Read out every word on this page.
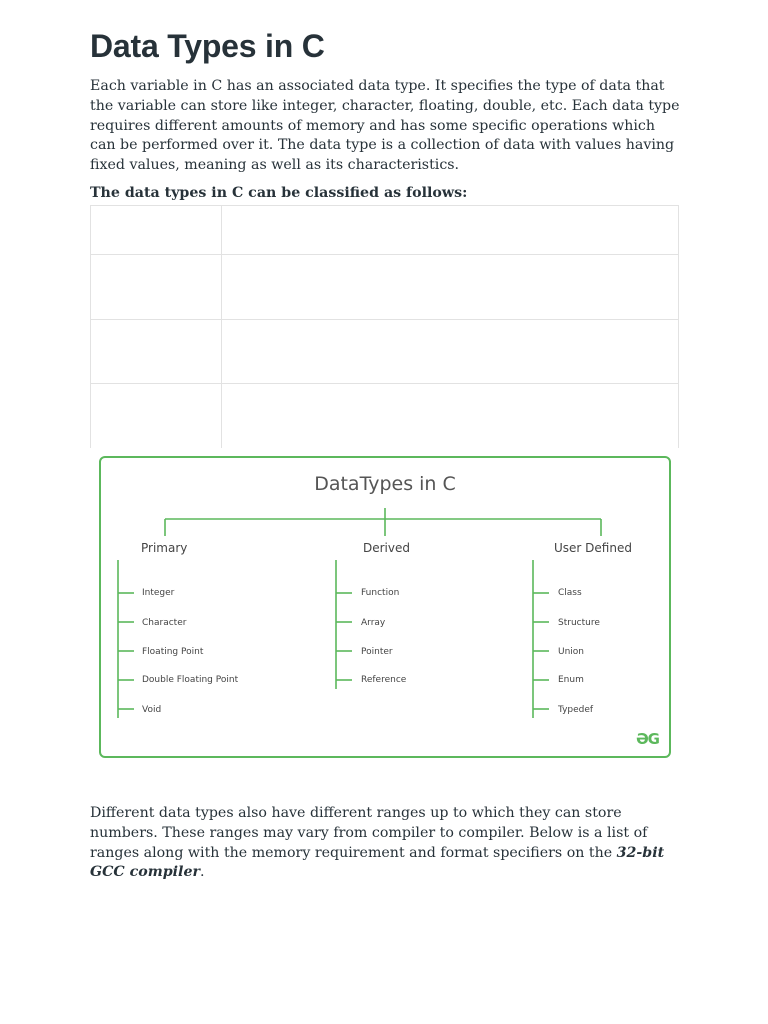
Data Types in C

Each variable in C has an associated data type. It specifies the type of data that the variable can store like integer, character, floating, double, etc. Each data type requires different amounts of memory and has some specific operations which can be performed over it. The data type is a collection of data with values having fixed values, meaning as well as its characteristics.

The data types in C can be classified as follows:

DataTypes in C
Primary	Derived	User Defined
Integer
Character
Floating Point
Double Floating Point
Void
Function
Array
Pointer
Reference
Class
Structure
Union
Enum
Typedef
ƏG

Different data types also have different ranges up to which they can store numbers. These ranges may vary from compiler to compiler. Below is a list of ranges along with the memory requirement and format specifiers on the 32-bit GCC compiler.
